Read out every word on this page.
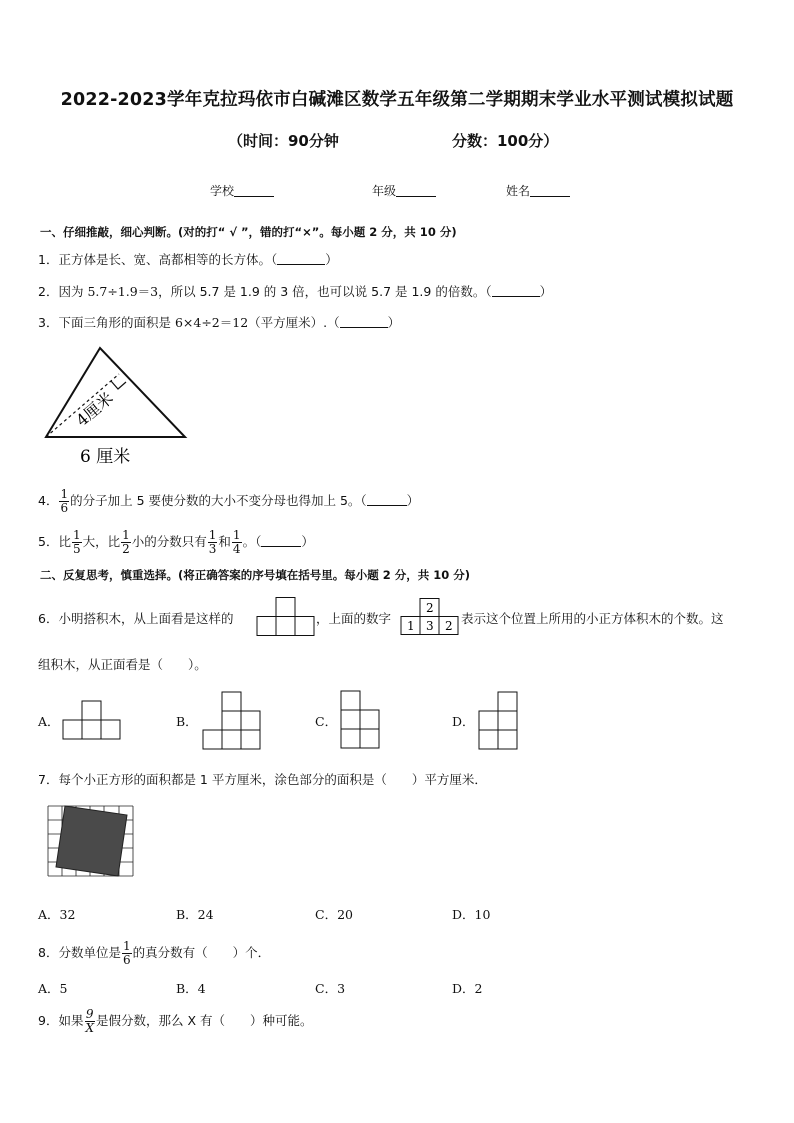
2022-2023学年克拉玛依市白碱滩区数学五年级第二学期期末学业水平测试模拟试题
（时间：90分钟	分数：100分）
学校	年级	姓名
一、仔细推敲，细心判断。(对的打“ √ ”，错的打“×”。每小题 2 分，共 10 分)
1．正方体是长、宽、高都相等的长方体。（	）
2．因为 5.7÷1.9＝3，所以 5.7 是 1.9 的 3 倍，也可以说 5.7 是 1.9 的倍数。（	）
3．下面三角形的面积是 6×4÷2＝12（平方厘米）.（	）
4厘米
6 厘米
4． $\frac{1}{6}$ 的分子加上 5 要使分数的大小不变分母也得加上 5。（	）
5．比 $\frac{1}{5}$ 大，比 $\frac{1}{2}$ 小的分数只有 $\frac{1}{3}$ 和 $\frac{1}{4}$ 。（	）
二、反复思考，慎重选择。(将正确答案的序号填在括号里。每小题 2 分，共 10 分)
6．小明搭积木，从上面看是这样的	，上面的数字
2
1 3 2 表示这个位置上所用的小正方体积木的个数。这
组积木，从正面看是（　　）。
A．	B．	C．	D．
7．每个小正方形的面积都是 1 平方厘米，涂色部分的面积是（　　）平方厘米．
A．32	B．24	C．20	D．10
8．分数单位是 $\frac{1}{6}$ 的真分数有（　　）个．
A．5	B．4	C．3	D．2
9．如果 $\frac{9}{X}$ 是假分数，那么 X 有（　　）种可能。
